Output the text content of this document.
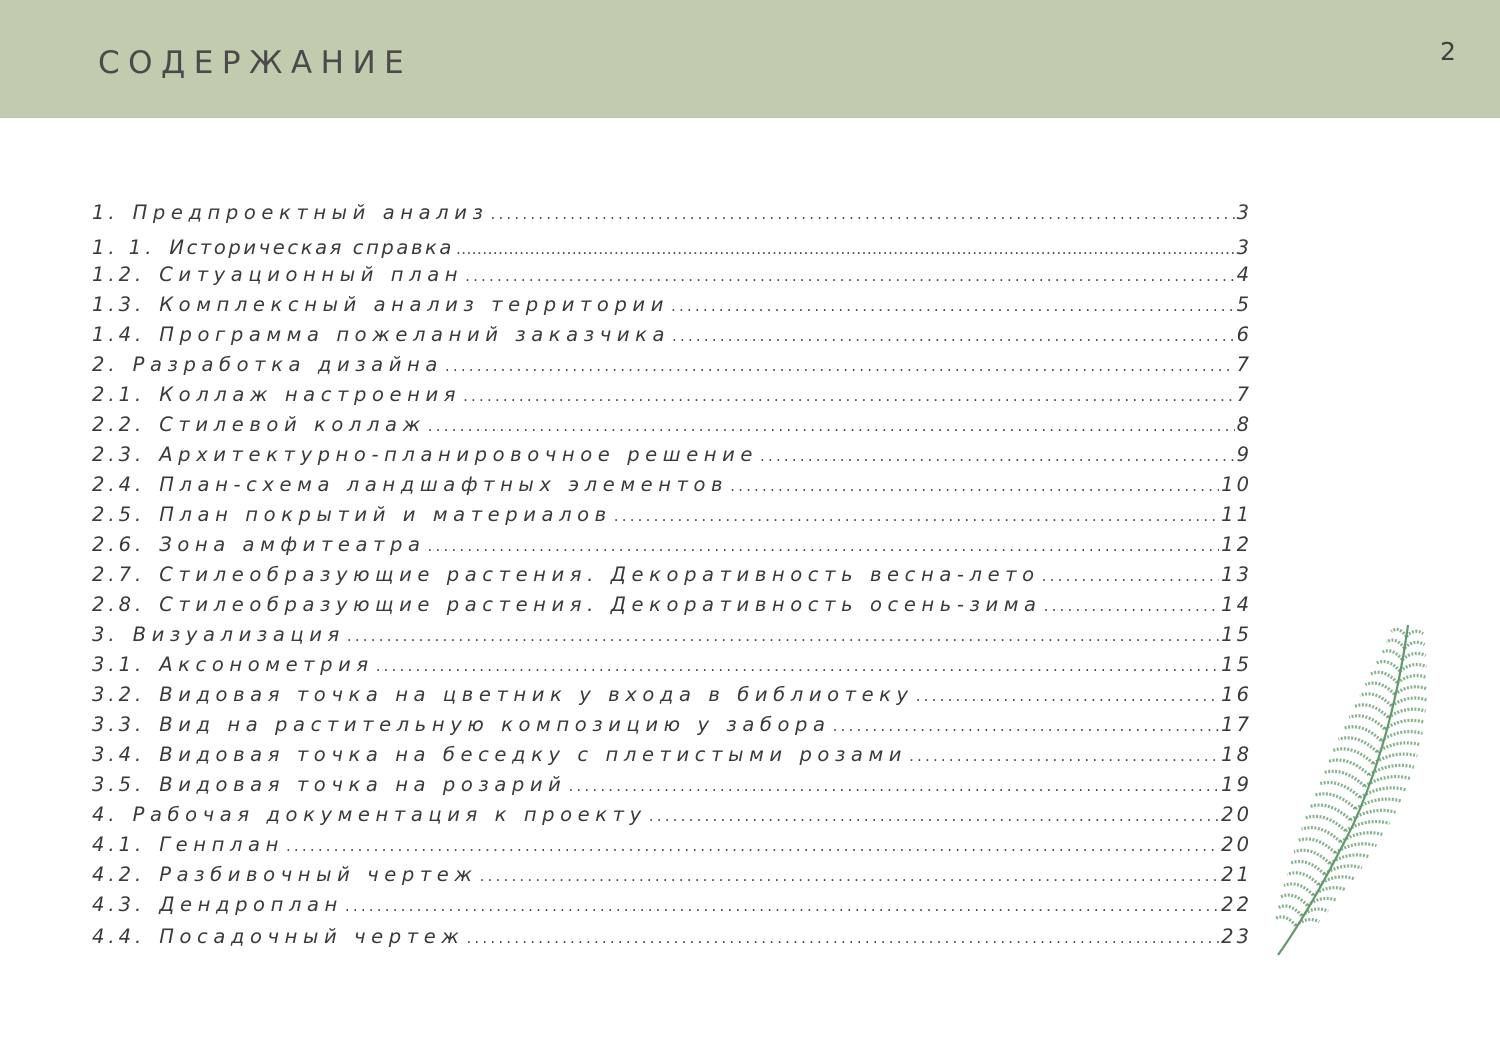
СОДЕРЖАНИЕ	2
1. Предпроектный анализ .....	3
1. 1. Историческая справка .....	3
1.2. Ситуационный план .....	4
1.3. Комплексный анализ территории .....	5
1.4. Программа пожеланий заказчика .....	6
2. Разработка дизайна .....	7
2.1. Коллаж настроения .....	7
2.2. Стилевой коллаж .....	8
2.3. Архитектурно-планировочное решение .....	9
2.4. План-схема ландшафтных элементов .....	10
2.5. План покрытий и материалов .....	11
2.6. Зона амфитеатра .....	12
2.7. Стилеобразующие растения. Декоративность весна-лето .....	13
2.8. Стилеобразующие растения. Декоративность осень-зима .....	14
3. Визуализация .....	15
3.1. Аксонометрия .....	15
3.2. Видовая точка на цветник у входа в библиотеку .....	16
3.3. Вид на растительную композицию у забора .....	17
3.4. Видовая точка на беседку с плетистыми розами .....	18
3.5. Видовая точка на розарий .....	19
4. Рабочая документация к проекту .....	20
4.1. Генплан .....	20
4.2. Разбивочный чертеж .....	21
4.3. Дендроплан .....	22
4.4. Посадочный чертеж .....	23
